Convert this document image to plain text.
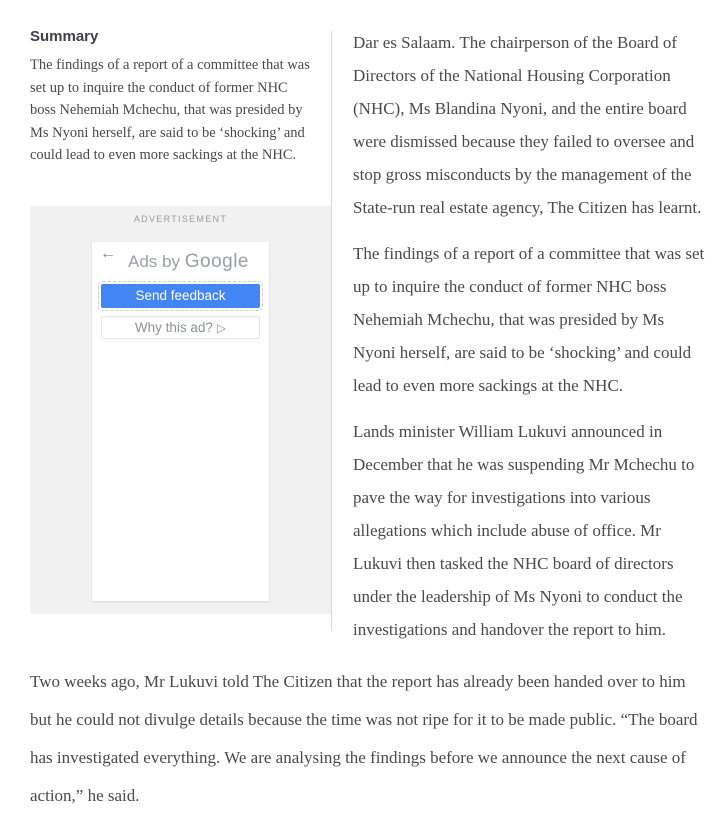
Summary

The findings of a report of a committee that was set up to inquire the conduct of former NHC boss Nehemiah Mchechu, that was presided by Ms Nyoni herself, are said to be ‘shocking’ and could lead to even more sackings at the NHC.

ADVERTISEMENT
← Ads by Google
Send feedback
Why this ad? ▷

Dar es Salaam. The chairperson of the Board of Directors of the National Housing Corporation (NHC), Ms Blandina Nyoni, and the entire board were dismissed because they failed to oversee and stop gross misconducts by the management of the State-run real estate agency, The Citizen has learnt.

The findings of a report of a committee that was set up to inquire the conduct of former NHC boss Nehemiah Mchechu, that was presided by Ms Nyoni herself, are said to be ‘shocking’ and could lead to even more sackings at the NHC.

Lands minister William Lukuvi announced in December that he was suspending Mr Mchechu to pave the way for investigations into various allegations which include abuse of office. Mr Lukuvi then tasked the NHC board of directors under the leadership of Ms Nyoni to conduct the investigations and handover the report to him.

Two weeks ago, Mr Lukuvi told The Citizen that the report has already been handed over to him but he could not divulge details because the time was not ripe for it to be made public. “The board has investigated everything. We are analysing the findings before we announce the next cause of action,” he said.
